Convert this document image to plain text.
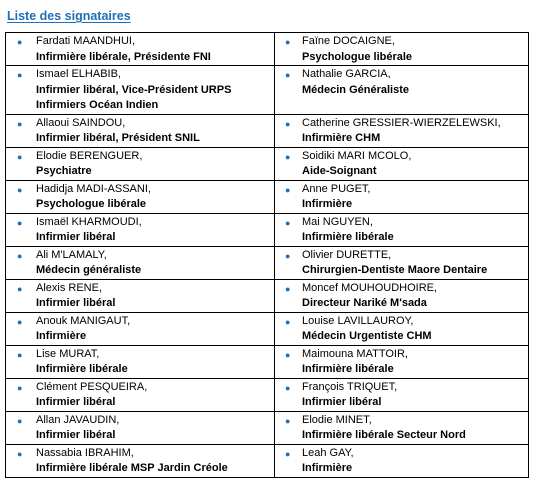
Liste des signataires
● Fardati MAANDHUI,
Infirmière libérale, Présidente FNI	● Faïne DOCAIGNE,
Psychologue libérale

● Ismael ELHABIB,
Infirmier libéral, Vice-Président URPS
Infirmiers Océan Indien	● Nathalie GARCIA,
Médecin Généraliste

● Allaoui SAINDOU,
Infirmier libéral, Président SNIL	● Catherine GRESSIER-WIERZELEWSKI,
Infirmière CHM

● Elodie BERENGUER,
Psychiatre	● Soidiki MARI MCOLO,
Aide-Soignant

● Hadidja MADI-ASSANI,
Psychologue libérale	● Anne PUGET,
Infirmière

● Ismaël KHARMOUDI,
Infirmier libéral	● Mai NGUYEN,
Infirmière libérale

● Ali M'LAMALY,
Médecin généraliste	● Olivier DURETTE,
Chirurgien-Dentiste Maore Dentaire

● Alexis RENE,
Infirmier libéral	● Moncef MOUHOUDHOIRE,
Directeur Nariké M'sada

● Anouk MANIGAUT,
Infirmière	● Louise LAVILLAUROY,
Médecin Urgentiste CHM

● Lise MURAT,
Infirmière libérale	● Maimouna MATTOIR,
Infirmière libérale

● Clément PESQUEIRA,
Infirmier libéral	● François TRIQUET,
Infirmier libéral

● Allan JAVAUDIN,
Infirmier libéral	● Elodie MINET,
Infirmière libérale Secteur Nord

● Nassabia IBRAHIM,
Infirmière libérale MSP Jardin Créole	● Leah GAY,
Infirmière
